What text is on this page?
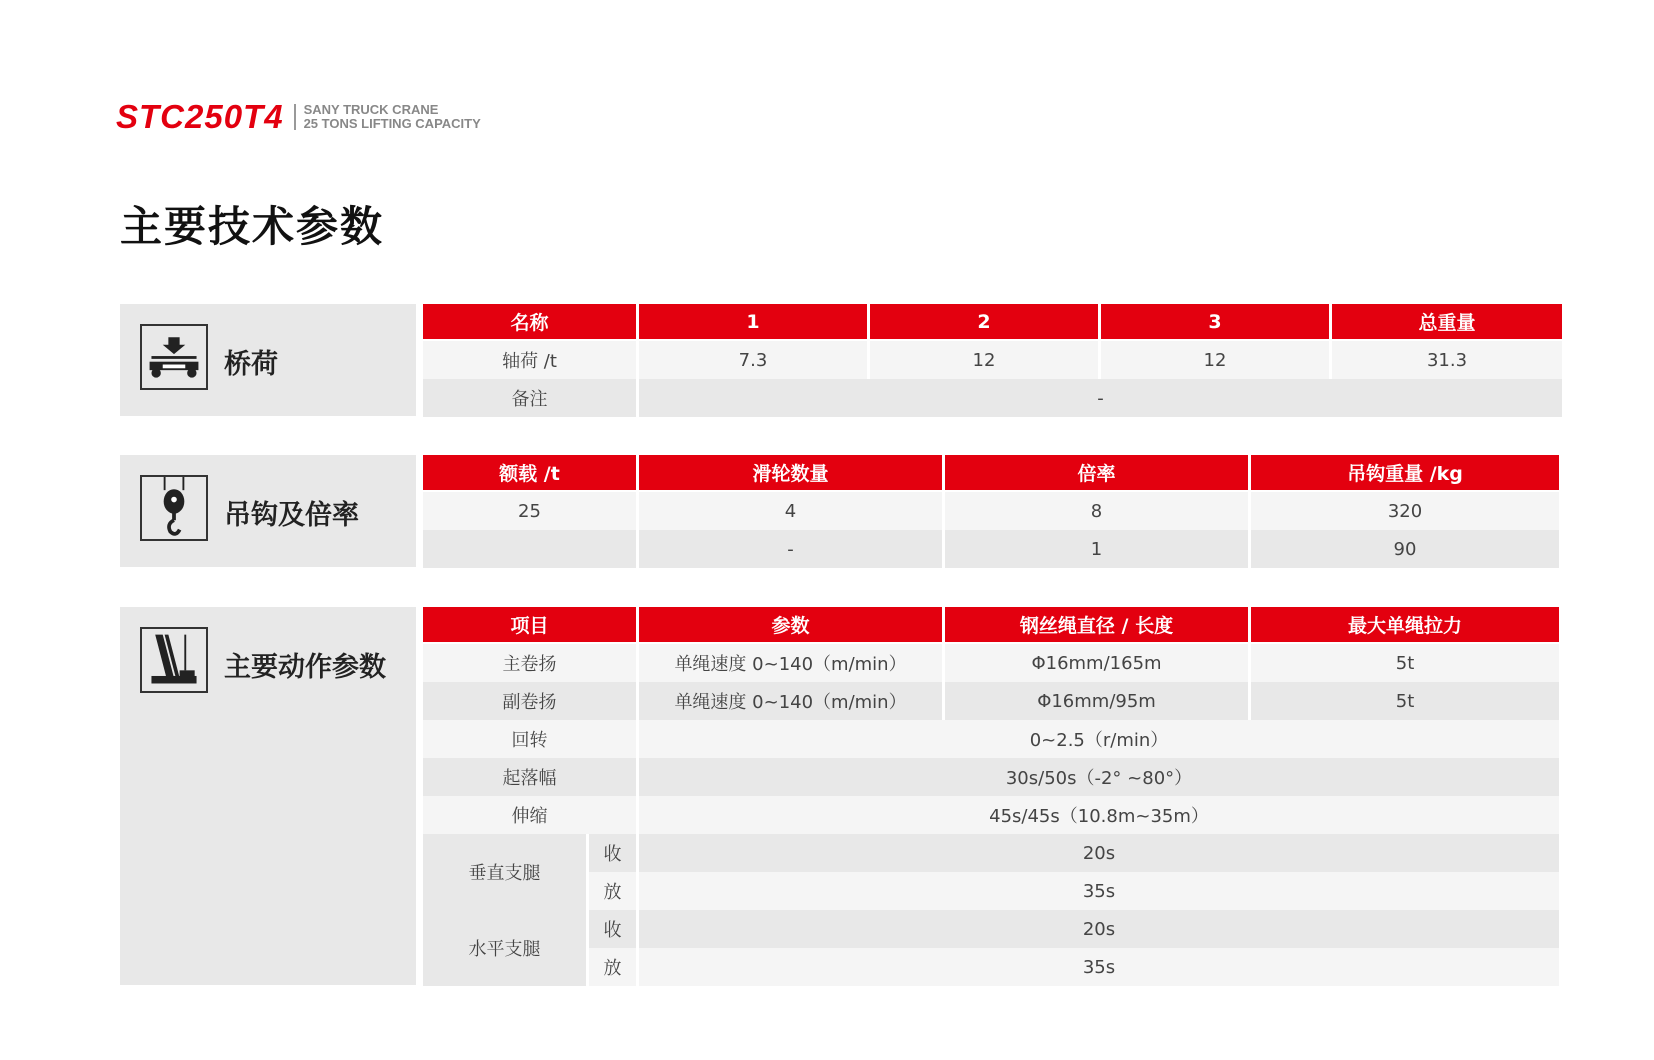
STC250T4 SANY TRUCK CRANE
25 TONS LIFTING CAPACITY
主要技术参数
桥荷
名称	1	2	3	总重量
轴荷 /t	7.3	12	12	31.3
备注	-			
吊钩及倍率
额载 /t	滑轮数量	倍率	吊钩重量 /kg
25	4	8	320
	-	1	90
主要动作参数
项目		参数	钢丝绳直径 / 长度	最大单绳拉力
主卷扬		单绳速度 0~140（m/min）	Φ16mm/165m	5t
副卷扬		单绳速度 0~140（m/min）	Φ16mm/95m	5t
回转		0~2.5（r/min）		
起落幅		30s/50s（-2° ~80°）		
伸缩		45s/45s（10.8m~35m）		
垂直支腿	收	20s		
	放	35s		
水平支腿	收	20s		
	放	35s		
